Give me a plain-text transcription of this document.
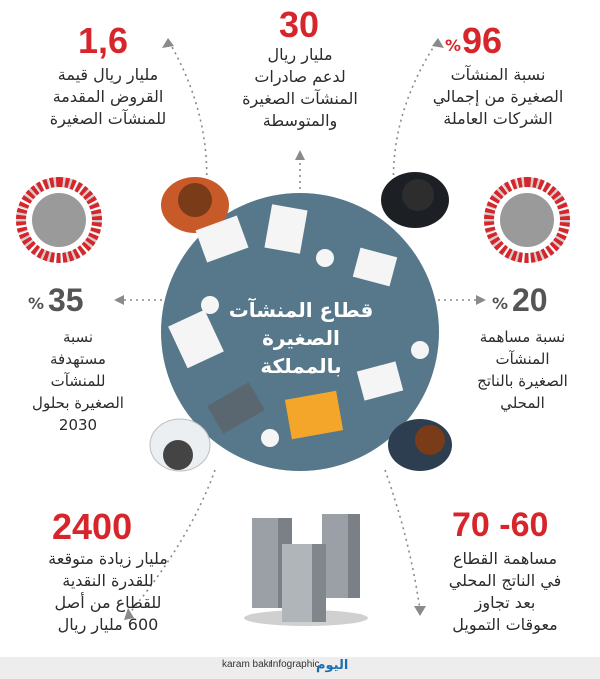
1,6
مليار ريال قيمة
القروض المقدمة
للمنشآت الصغيرة
30
مليار ريال
لدعم صادرات
المنشآت الصغيرة
والمتوسطة
96
%
نسبة المنشآت
الصغيرة من إجمالي
الشركات العاملة
35
%
نسبة
مستهدفة
للمنشآت
الصغيرة بحلول
2030
20
%
نسبة مساهمة
المنشآت
الصغيرة بالناتج
المحلي
قطاع المنشآت
الصغيرة
بالمملكة
2400
مليار زيادة متوقعة
للقدرة النقدية
للقطاع من أصل
600 مليار ريال
70 -60
مساهمة القطاع
في الناتج المحلي
بعد تجاوز
معوقات التمويل
karam bakr
Infographic
اليوم
